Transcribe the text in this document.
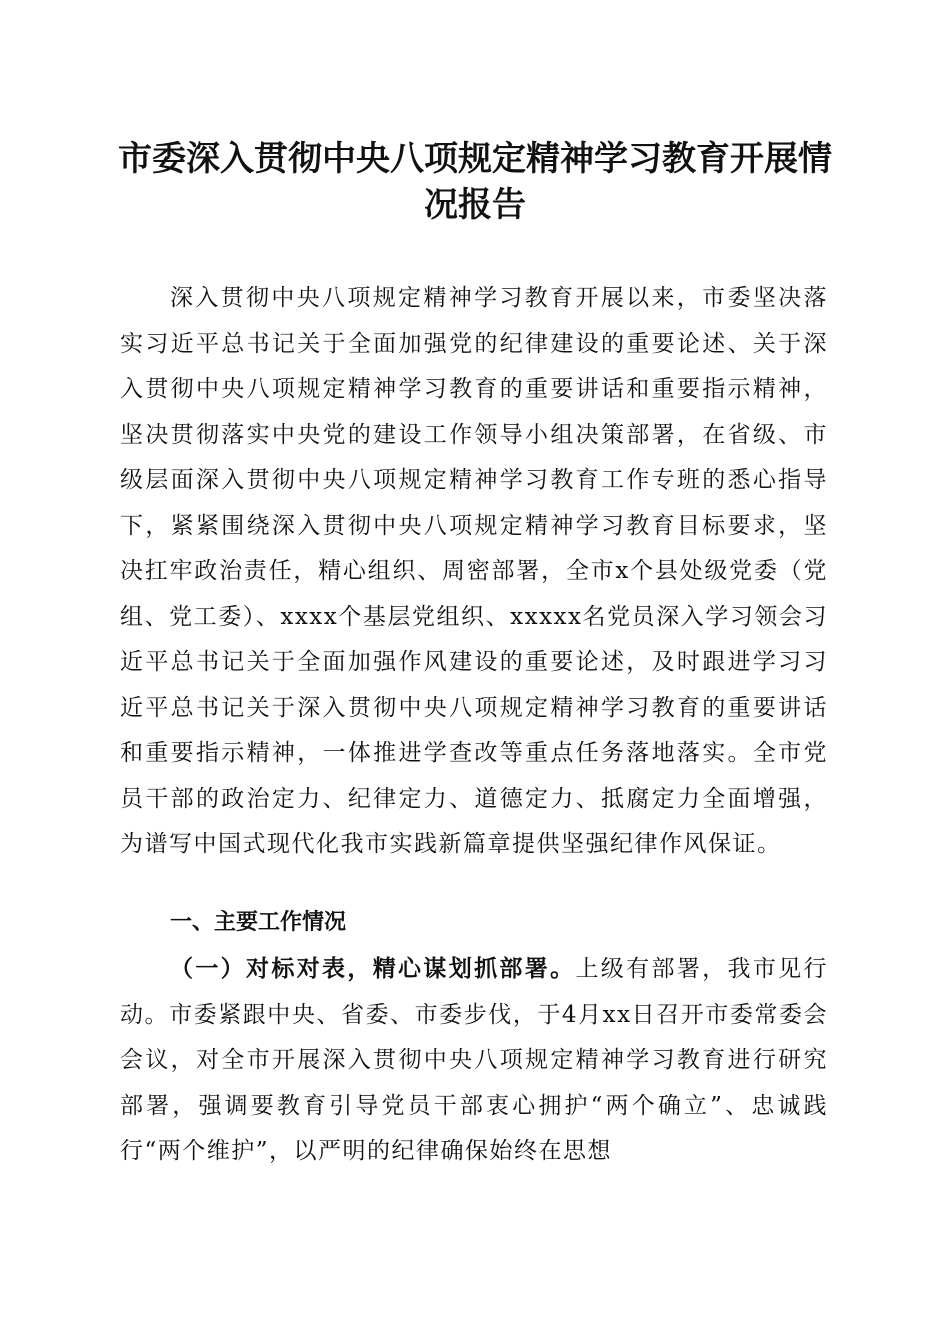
市委深入贯彻中央八项规定精神学习教育开展情况报告

深入贯彻中央八项规定精神学习教育开展以来，市委坚决落实习近平总书记关于全面加强党的纪律建设的重要论述、关于深入贯彻中央八项规定精神学习教育的重要讲话和重要指示精神，坚决贯彻落实中央党的建设工作领导小组决策部署，在省级、市级层面深入贯彻中央八项规定精神学习教育工作专班的悉心指导下，紧紧围绕深入贯彻中央八项规定精神学习教育目标要求，坚决扛牢政治责任，精心组织、周密部署，全市x个县处级党委（党组、党工委）、xxxx个基层党组织、xxxxx名党员深入学习领会习近平总书记关于全面加强作风建设的重要论述，及时跟进学习习近平总书记关于深入贯彻中央八项规定精神学习教育的重要讲话和重要指示精神，一体推进学查改等重点任务落地落实。全市党员干部的政治定力、纪律定力、道德定力、抵腐定力全面增强，为谱写中国式现代化我市实践新篇章提供坚强纪律作风保证。

一、主要工作情况

（一）对标对表，精心谋划抓部署。上级有部署，我市见行动。市委紧跟中央、省委、市委步伐，于4月xx日召开市委常委会会议，对全市开展深入贯彻中央八项规定精神学习教育进行研究部署，强调要教育引导党员干部衷心拥护“两个确立”、忠诚践行“两个维护”，以严明的纪律确保始终在思想
